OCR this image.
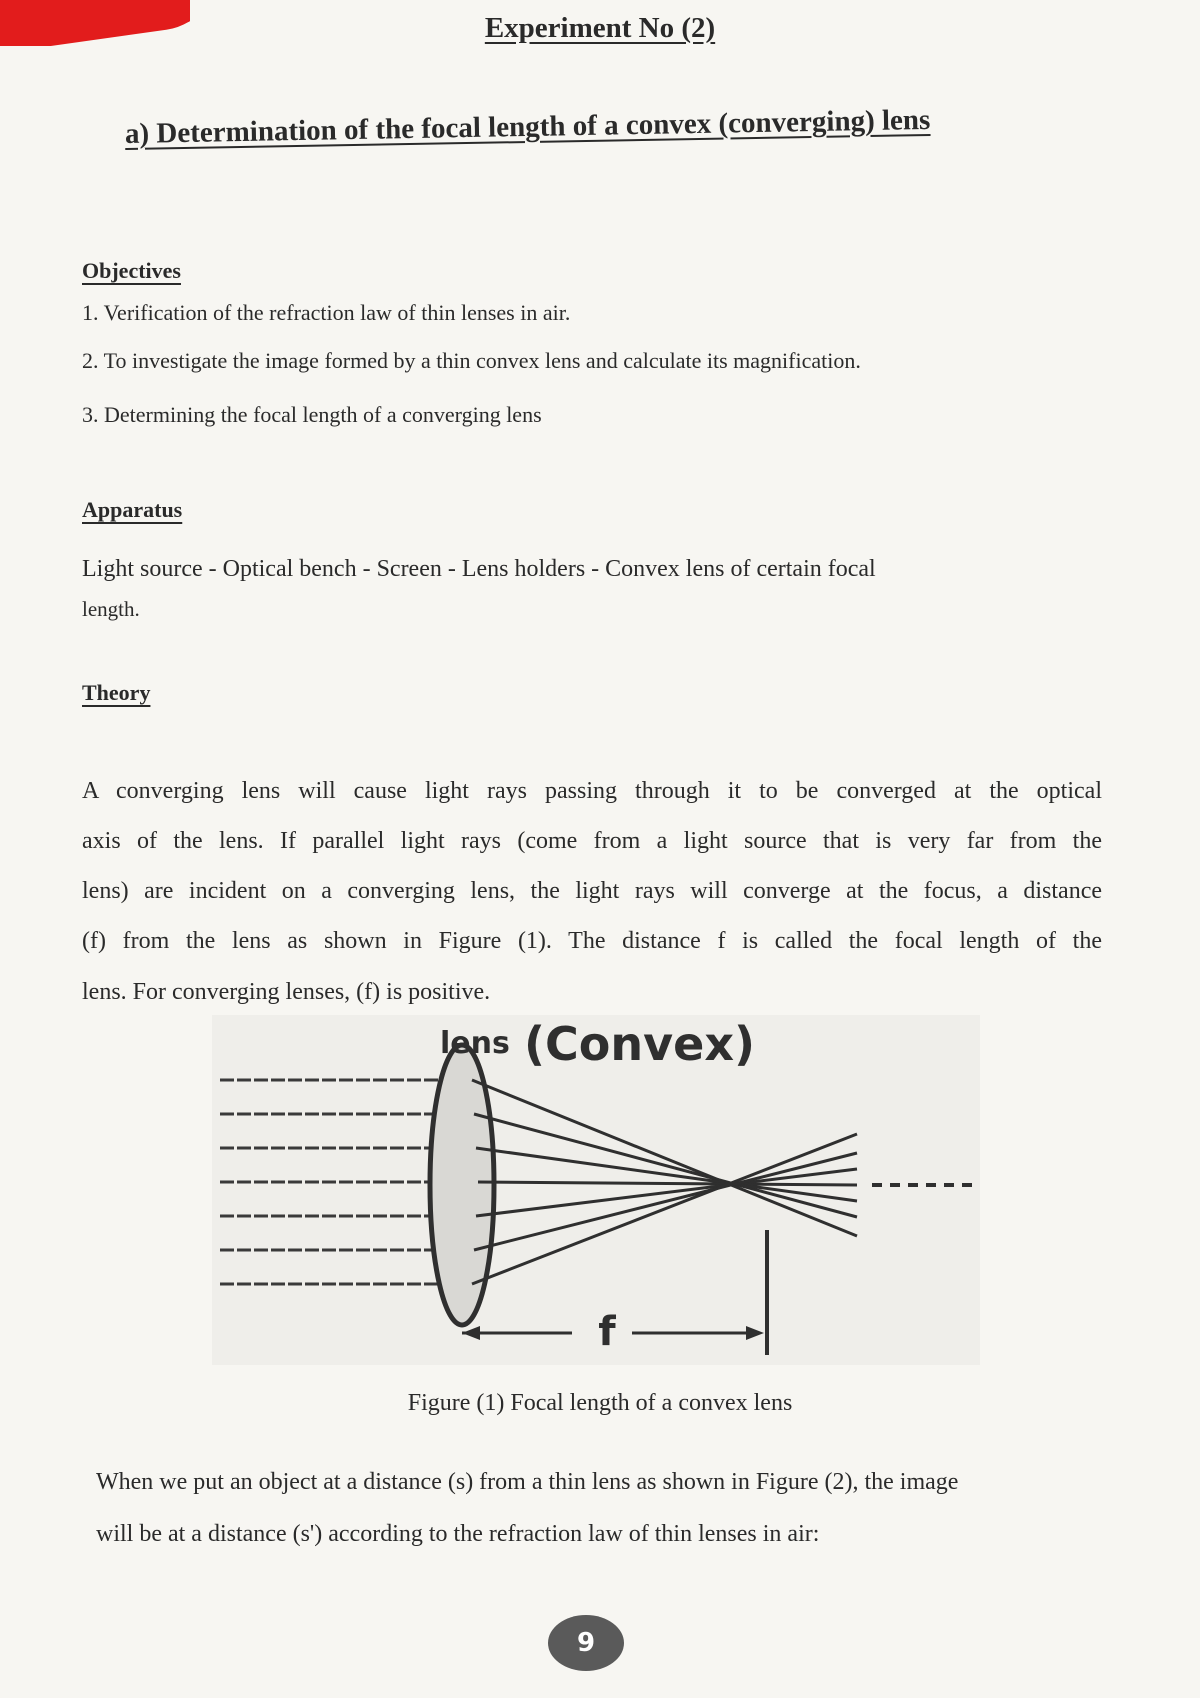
Experiment No (2)
a) Determination of the focal length of a convex (converging) lens
Objectives
1. Verification of the refraction law of thin lenses in air.
2. To investigate the image formed by a thin convex lens and calculate its magnification.
3. Determining the focal length of a converging lens
Apparatus
Light source - Optical bench - Screen - Lens holders - Convex lens of certain focal
length.
Theory
A converging lens will cause light rays passing through it to be converged at the optical
axis of the lens. If parallel light rays (come from a light source that is very far from the
lens) are incident on a converging lens, the light rays will converge at the focus, a distance
(f) from the lens as shown in Figure (1). The distance f is called the focal length of the
lens. For converging lenses, (f) is positive.
f
lens (Convex)
Figure (1) Focal length of a convex lens
When we put an object at a distance (s) from a thin lens as shown in Figure (2), the image
will be at a distance (s') according to the refraction law of thin lenses in air:
9
